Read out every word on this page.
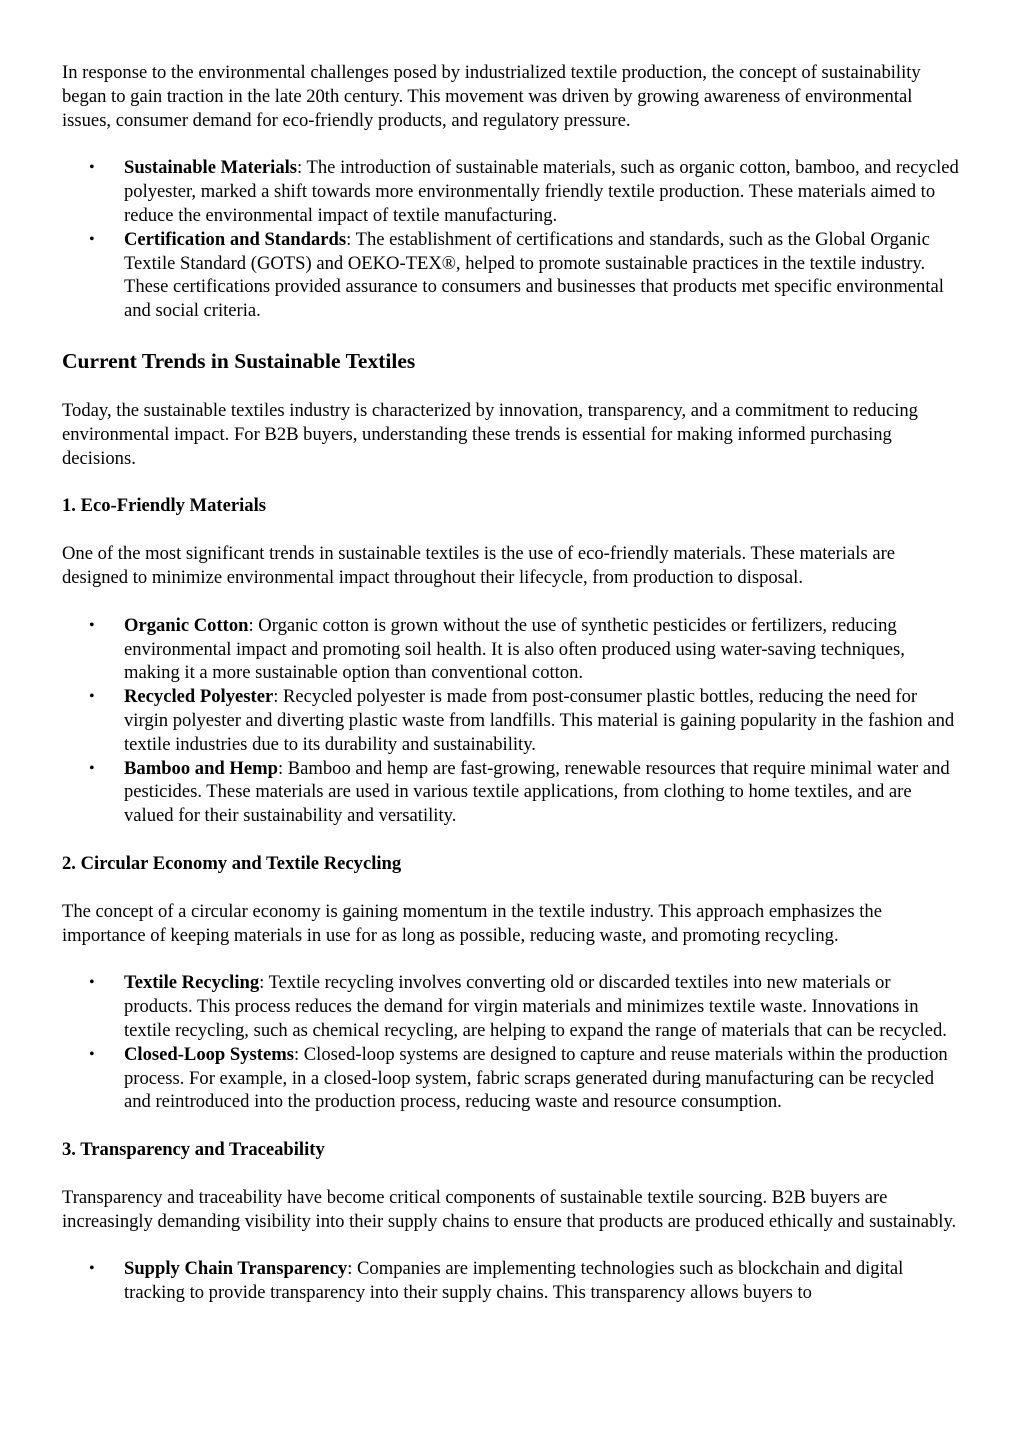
In response to the environmental challenges posed by industrialized textile production, the concept of sustainability began to gain traction in the late 20th century. This movement was driven by growing awareness of environmental issues, consumer demand for eco-friendly products, and regulatory pressure.

• Sustainable Materials: The introduction of sustainable materials, such as organic cotton, bamboo, and recycled polyester, marked a shift towards more environmentally friendly textile production. These materials aimed to reduce the environmental impact of textile manufacturing.
• Certification and Standards: The establishment of certifications and standards, such as the Global Organic Textile Standard (GOTS) and OEKO-TEX®, helped to promote sustainable practices in the textile industry. These certifications provided assurance to consumers and businesses that products met specific environmental and social criteria.
Current Trends in Sustainable Textiles

Today, the sustainable textiles industry is characterized by innovation, transparency, and a commitment to reducing environmental impact. For B2B buyers, understanding these trends is essential for making informed purchasing decisions.

1. Eco-Friendly Materials

One of the most significant trends in sustainable textiles is the use of eco-friendly materials. These materials are designed to minimize environmental impact throughout their lifecycle, from production to disposal.

• Organic Cotton: Organic cotton is grown without the use of synthetic pesticides or fertilizers, reducing environmental impact and promoting soil health. It is also often produced using water-saving techniques, making it a more sustainable option than conventional cotton.
• Recycled Polyester: Recycled polyester is made from post-consumer plastic bottles, reducing the need for virgin polyester and diverting plastic waste from landfills. This material is gaining popularity in the fashion and textile industries due to its durability and sustainability.
• Bamboo and Hemp: Bamboo and hemp are fast-growing, renewable resources that require minimal water and pesticides. These materials are used in various textile applications, from clothing to home textiles, and are valued for their sustainability and versatility.
2. Circular Economy and Textile Recycling

The concept of a circular economy is gaining momentum in the textile industry. This approach emphasizes the importance of keeping materials in use for as long as possible, reducing waste, and promoting recycling.

• Textile Recycling: Textile recycling involves converting old or discarded textiles into new materials or products. This process reduces the demand for virgin materials and minimizes textile waste. Innovations in textile recycling, such as chemical recycling, are helping to expand the range of materials that can be recycled.
• Closed-Loop Systems: Closed-loop systems are designed to capture and reuse materials within the production process. For example, in a closed-loop system, fabric scraps generated during manufacturing can be recycled and reintroduced into the production process, reducing waste and resource consumption.
3. Transparency and Traceability

Transparency and traceability have become critical components of sustainable textile sourcing. B2B buyers are increasingly demanding visibility into their supply chains to ensure that products are produced ethically and sustainably.

• Supply Chain Transparency: Companies are implementing technologies such as blockchain and digital tracking to provide transparency into their supply chains. This transparency allows buyers to
